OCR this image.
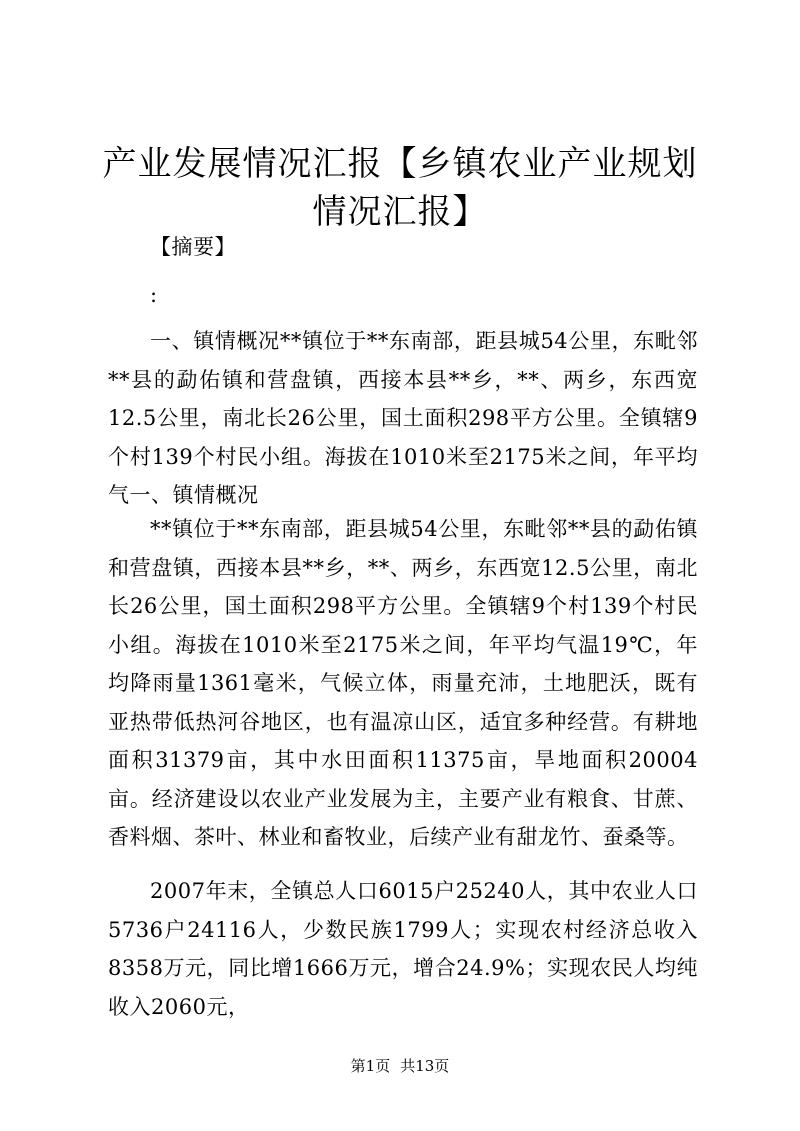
产业发展情况汇报【乡镇农业产业规划情况汇报】

【摘要】

:

一、镇情概况**镇位于**东南部，距县城54公里，东毗邻**县的勐佑镇和营盘镇，西接本县**乡，**、两乡，东西宽12.5公里，南北长26公里，国土面积298平方公里。全镇辖9个村139个村民小组。海拔在1010米至2175米之间，年平均气一、镇情概况

**镇位于**东南部，距县城54公里，东毗邻**县的勐佑镇和营盘镇，西接本县**乡，**、两乡，东西宽12.5公里，南北长26公里，国土面积298平方公里。全镇辖9个村139个村民小组。海拔在1010米至2175米之间，年平均气温19℃，年均降雨量1361毫米，气候立体，雨量充沛，土地肥沃，既有亚热带低热河谷地区，也有温凉山区，适宜多种经营。有耕地面积31379亩，其中水田面积11375亩，旱地面积20004亩。经济建设以农业产业发展为主，主要产业有粮食、甘蔗、香料烟、茶叶、林业和畜牧业，后续产业有甜龙竹、蚕桑等。

2007年末，全镇总人口6015户25240人，其中农业人口5736户24116人，少数民族1799人；实现农村经济总收入8358万元，同比增1666万元，增合24.9%；实现农民人均纯收入2060元，

第1页 共13页
